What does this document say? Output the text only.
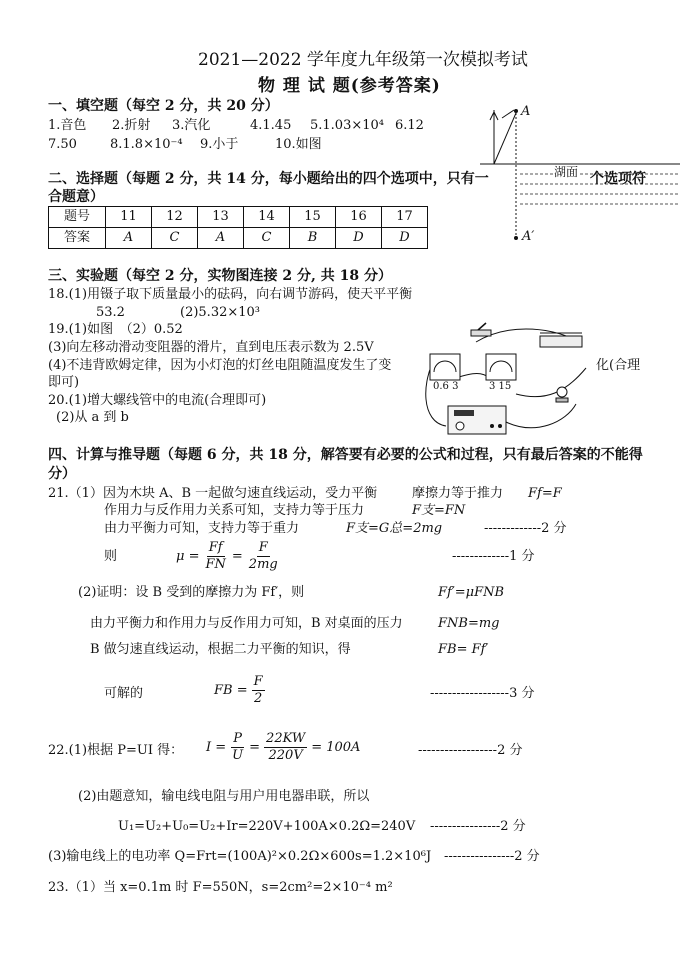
2021—2022 学年度九年级第一次模拟考试
物 理 试 题(参考答案)
一、填空题（每空 2 分，共 20 分）
1.音色 2.折射 3.汽化	4.1.45 5.1.03×10⁴ 6.12
7.50	8.1.8×10⁻⁴ 9.小于	10.如图
A
A′
湖面
二、选择题（每题 2 分，共 14 分，每小题给出的四个选项中，只有一	个选项符
合题意）
题号	11	12	13	14	15	16	17
答案	A	C	A	C	B	D	D
三、实验题（每空 2 分，实物图连接 2 分, 共 18 分）
18.(1)用镊子取下质量最小的砝码，向右调节游码，使天平平衡
53.2	(2)5.32×10³
19.(1)如图　（2）0.52
(3)向左移动滑动变阻器的滑片，直到电压表示数为 2.5V
(4)不违背欧姆定律，因为小灯泡的灯丝电阻随温度发生了变	化(合理
即可)
20.(1)增大螺线管中的电流(合理即可)
(2)从 a 到 b
0.6 3	3 15
四、计算与推导题（每题 6 分，共 18 分，解答要有必要的公式和过程，只有最后答案的不能得
分）
21.（1）因为木块 A、B 一起做匀速直线运动，受力平衡	摩擦力等于推力 Ff=F
作用力与反作用力关系可知，支持力等于压力	F支=FN
由力平衡力可知，支持力等于重力	F支=G总=2mg	-------------2 分
则	$\mu = \frac{Ff}{FN} = \frac{F}{2mg}$	-------------1 分
(2)证明：设 B 受到的摩擦力为 Ff′，则	Ff′=μFNB
由力平衡力和作用力与反作用力可知，B 对桌面的压力	FNB=mg
B 做匀速直线运动，根据二力平衡的知识，得	FB= Ff′
可解的	FB = $\frac{F}{2}$	------------------3 分
22.(1)根据 P=UI 得： $I = \frac{P}{U} = \frac{22KW}{220V} = 100A$	------------------2 分
(2)由题意知，输电线电阻与用户用电器串联，所以
U₁=U₂+U₀=U₂+Ir=220V+100A×0.2Ω=240V ----------------2 分
(3)输电线上的电功率 Q=Frt=(100A)²×0.2Ω×600s=1.2×10⁶J ----------------2 分
23.（1）当 x=0.1m 时 F=550N，s=2cm²=2×10⁻⁴ m²
